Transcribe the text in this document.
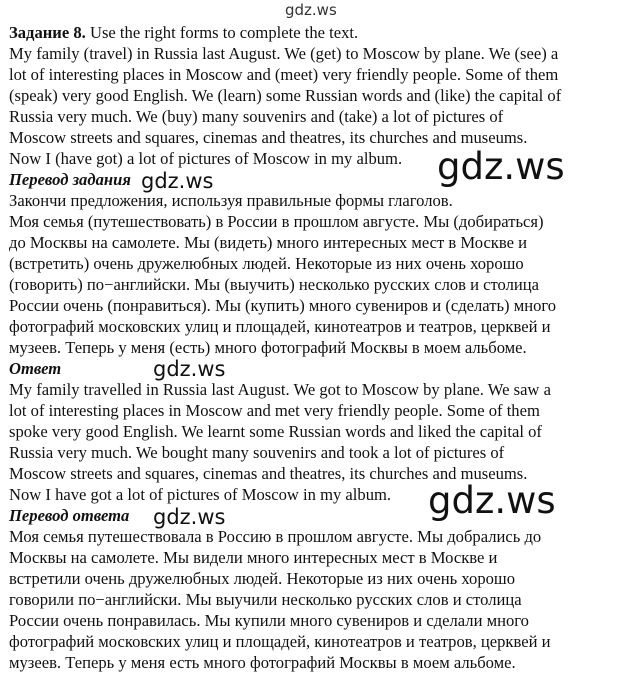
gdz.ws
Задание 8. Use the right forms to complete the text.
My family (travel) in Russia last August. We (get) to Moscow by plane. We (see) a
lot of interesting places in Moscow and (meet) very friendly people. Some of them
(speak) very good English. We (learn) some Russian words and (like) the capital of
Russia very much. We (buy) many souvenirs and (take) a lot of pictures of
Moscow streets and squares, cinemas and theatres, its churches and museums.
Now I (have got) a lot of pictures of Moscow in my album.
Перевод задания
Закончи предложения, используя правильные формы глаголов.
Моя семья (путешествовать) в России в прошлом августе. Мы (добираться)
до Москвы на самолете. Мы (видеть) много интересных мест в Москве и
(встретить) очень дружелюбных людей. Некоторые из них очень хорошо
(говорить) по−английски. Мы (выучить) несколько русских слов и столица
России очень (понравиться). Мы (купить) много сувениров и (сделать) много
фотографий московских улиц и площадей, кинотеатров и театров, церквей и
музеев. Теперь у меня (есть) много фотографий Москвы в моем альбоме.
Ответ
My family travelled in Russia last August. We got to Moscow by plane. We saw a
lot of interesting places in Moscow and met very friendly people. Some of them
spoke very good English. We learnt some Russian words and liked the capital of
Russia very much. We bought many souvenirs and took a lot of pictures of
Moscow streets and squares, cinemas and theatres, its churches and museums.
Now I have got a lot of pictures of Moscow in my album.
Перевод ответа
Моя семья путешествовала в Россию в прошлом августе. Мы добрались до
Москвы на самолете. Мы видели много интересных мест в Москве и
встретили очень дружелюбных людей. Некоторые из них очень хорошо
говорили по−английски. Мы выучили несколько русских слов и столица
России очень понравилась. Мы купили много сувениров и сделали много
фотографий московских улиц и площадей, кинотеатров и театров, церквей и
музеев. Теперь у меня есть много фотографий Москвы в моем альбоме.
gdz.ws
gdz.ws
gdz.ws
gdz.ws
gdz.ws
